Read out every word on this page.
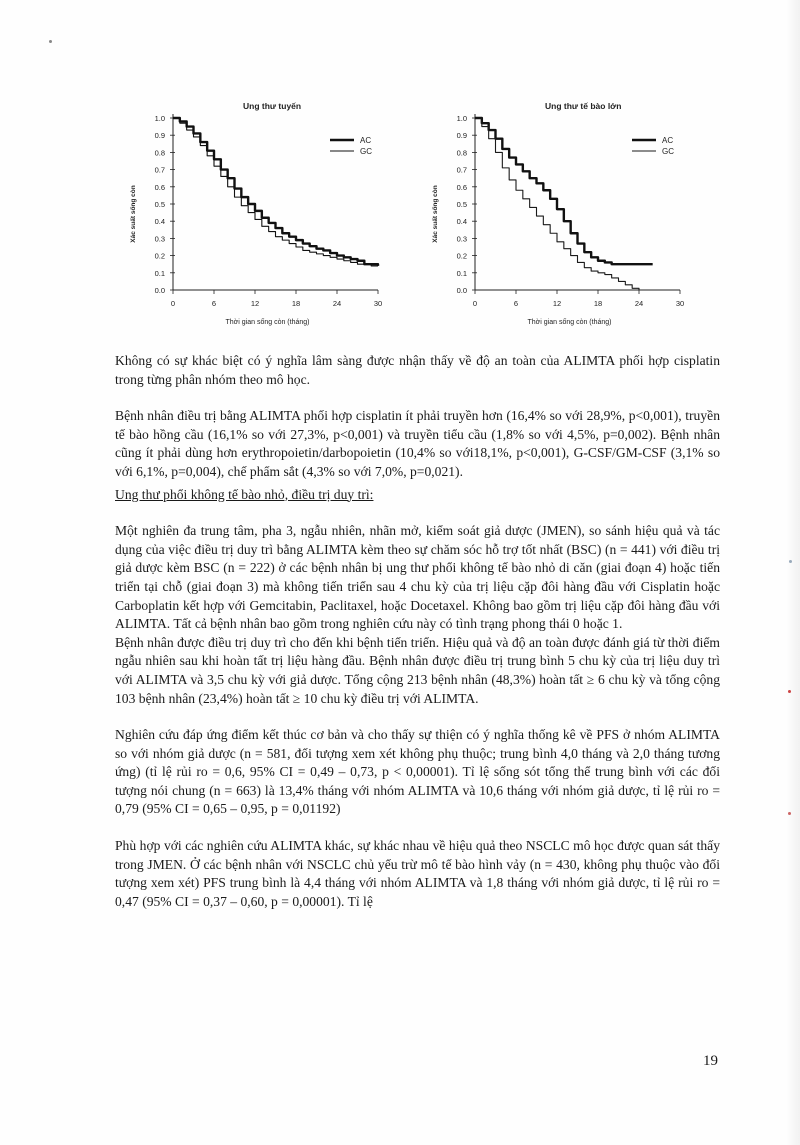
Ung thư tuyến
0.0
0.1
0.2
0.3
0.4
0.5
0.6
0.7
0.8
0.9
1.0
0	6	12	18	24	30
Thời gian sống còn (tháng)
Xác suất sống còn
AC
GC
Ung thư tế bào lớn
0.0
0.1
0.2
0.3
0.4
0.5
0.6
0.7
0.8
0.9
1.0
0	6	12	18	24	30
Thời gian sống còn (tháng)
Xác suất sống còn
AC
GC

Không có sự khác biệt có ý nghĩa lâm sàng được nhận thấy về độ an toàn của ALIMTA phối hợp cisplatin trong từng phân nhóm theo mô học.

Bệnh nhân điều trị bằng ALIMTA phối hợp cisplatin ít phải truyền hơn (16,4% so với 28,9%, p<0,001), truyền tế bào hồng cầu (16,1% so với 27,3%, p<0,001) và truyền tiểu cầu (1,8% so với 4,5%, p=0,002). Bệnh nhân cũng ít phải dùng hơn erythropoietin/darbopoietin (10,4% so với18,1%, p<0,001), G-CSF/GM-CSF (3,1% so với 6,1%, p=0,004), chế phẩm sắt (4,3% so với 7,0%, p=0,021).

Ung thư phổi không tế bào nhỏ, điều trị duy trì:

Một nghiên đa trung tâm, pha 3, ngẫu nhiên, nhãn mở, kiểm soát giả dược (JMEN), so sánh hiệu quả và tác dụng của việc điều trị duy trì bằng ALIMTA kèm theo sự chăm sóc hỗ trợ tốt nhất (BSC) (n = 441) với điều trị giả dược kèm BSC (n = 222) ở các bệnh nhân bị ung thư phổi không tế bào nhỏ di căn (giai đoạn 4) hoặc tiến triển tại chỗ (giai đoạn 3) mà không tiến triển sau 4 chu kỳ của trị liệu cặp đôi hàng đầu với Cisplatin hoặc Carboplatin kết hợp với Gemcitabin, Paclitaxel, hoặc Docetaxel. Không bao gồm trị liệu cặp đôi hàng đầu với ALIMTA. Tất cả bệnh nhân bao gồm trong nghiên cứu này có tình trạng phong thái 0 hoặc 1.

Bệnh nhân được điều trị duy trì cho đến khi bệnh tiến triển. Hiệu quả và độ an toàn được đánh giá từ thời điểm ngẫu nhiên sau khi hoàn tất trị liệu hàng đầu. Bệnh nhân được điều trị trung bình 5 chu kỳ của trị liệu duy trì với ALIMTA và 3,5 chu kỳ với giả dược. Tổng cộng 213 bệnh nhân (48,3%) hoàn tất ≥ 6 chu kỳ và tổng cộng 103 bệnh nhân (23,4%) hoàn tất ≥ 10 chu kỳ điều trị với ALIMTA.

Nghiên cứu đáp ứng điểm kết thúc cơ bản và cho thấy sự thiện có ý nghĩa thống kê về PFS ở nhóm ALIMTA so với nhóm giả dược (n = 581, đối tượng xem xét không phụ thuộc; trung bình 4,0 tháng và 2,0 tháng tương ứng) (tỉ lệ rủi ro = 0,6, 95% CI = 0,49 – 0,73, p < 0,00001). Tỉ lệ sống sót tổng thể trung bình với các đối tượng nói chung (n = 663) là 13,4% tháng với nhóm ALIMTA và 10,6 tháng với nhóm giả dược, tỉ lệ rủi ro = 0,79 (95% CI = 0,65 – 0,95, p = 0,01192)

Phù hợp với các nghiên cứu ALIMTA khác, sự khác nhau về hiệu quả theo NSCLC mô học được quan sát thấy trong JMEN. Ở các bệnh nhân với NSCLC chủ yếu trừ mô tế bào hình vảy (n = 430, không phụ thuộc vào đối tượng xem xét) PFS trung bình là 4,4 tháng với nhóm ALIMTA và 1,8 tháng với nhóm giả dược, tỉ lệ rủi ro = 0,47 (95% CI = 0,37 – 0,60, p = 0,00001). Tỉ lệ

19
